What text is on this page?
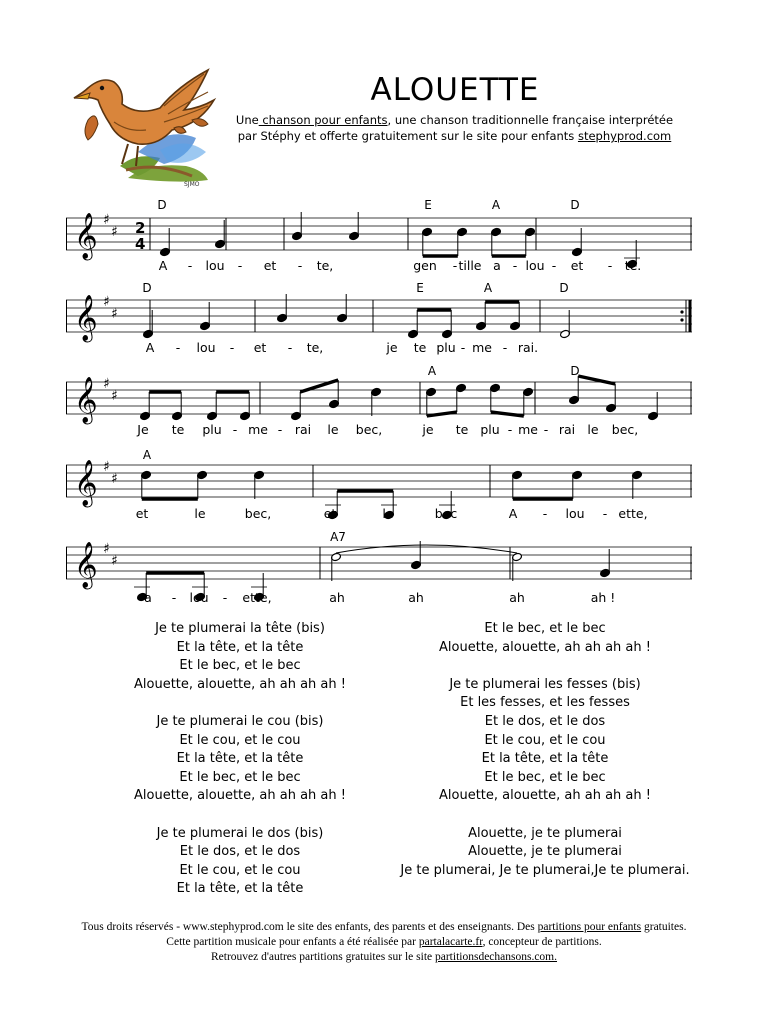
SJMO
ALOUETTE
Une chanson pour enfants, une chanson traditionnelle française interprétée
par Stéphy et offerte gratuitement sur le site pour enfants stephyprod.com
𝄞 ♯
♯ 2
4
𝄞 ♯
♯
𝄞 ♯
♯
𝄞 ♯
♯
𝄞 ♯
♯
Je te plumerai la tête (bis)
Et la tête, et la tête
Et le bec, et le bec
Alouette, alouette, ah ah ah ah !
Je te plumerai le cou (bis)
Et le cou, et le cou
Et la tête, et la tête
Et le bec, et le bec
Alouette, alouette, ah ah ah ah !
Je te plumerai le dos (bis)
Et le dos, et le dos
Et le cou, et le cou
Et la tête, et la tête
Et le bec, et le bec
Alouette, alouette, ah ah ah ah !
Je te plumerai les fesses (bis)
Et les fesses, et les fesses
Et le dos, et le dos
Et le cou, et le cou
Et la tête, et la tête
Et le bec, et le bec
Alouette, alouette, ah ah ah ah !
Alouette, je te plumerai
Alouette, je te plumerai
Je te plumerai, Je te plumerai,Je te plumerai.
Tous droits réservés - www.stephyprod.com le site des enfants, des parents et des enseignants. Des partitions pour enfants gratuites.
Cette partition musicale pour enfants a été réalisée par partalacarte.fr, concepteur de partitions.
Retrouvez d'autres partitions gratuites sur le site partitionsdechansons.com.
D	E	A	D
A - lou - et - te,	gen - tille a - lou - et - te.
D	E	A	D
A - lou - et - te,	je te plu - me - rai.
A	D
Je te plu - me - rai le bec,	je te plu - me - rai le bec,
A
et	le	bec,	et	le	bec	A - lou - ette,
A7
a - lou - ette,	ah	ah	ah	ah !
